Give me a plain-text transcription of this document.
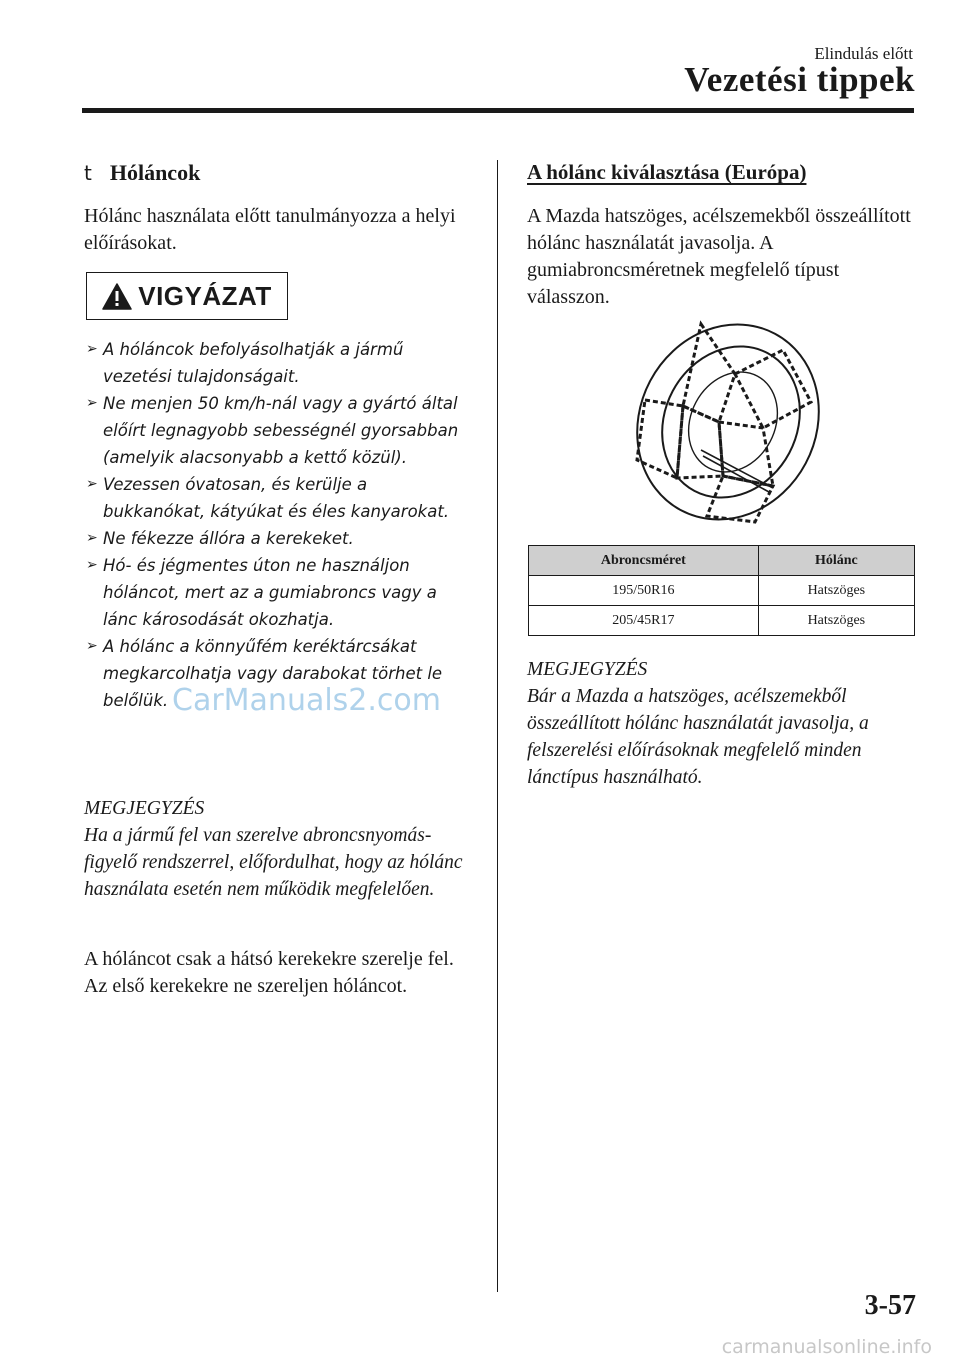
Elindulás előtt
Vezetési tippek
t Hóláncok
Hólánc használata előtt tanulmányozza a helyi előírásokat.
VIGYÁZAT
➢ A hóláncok befolyásolhatják a jármű vezetési tulajdonságait.
➢ Ne menjen 50 km/h-nál vagy a gyártó által előírt legnagyobb sebességnél gyorsabban (amelyik alacsonyabb a kettő közül).
➢ Vezessen óvatosan, és kerülje a bukkanókat, kátyúkat és éles kanyarokat.
➢ Ne fékezze állóra a kerekeket.
➢ Hó- és jégmentes úton ne használjon hóláncot, mert az a gumiabroncs vagy a lánc károsodását okozhatja.
➢ A hólánc a könnyűfém keréktárcsákat megkarcolhatja vagy darabokat törhet le belőlük.
MEGJEGYZÉS
Ha a jármű fel van szerelve abroncsnyomás-figyelő rendszerrel, előfordulhat, hogy az hólánc használata esetén nem működik megfelelően.
A hóláncot csak a hátsó kerekekre szerelje fel.
Az első kerekekre ne szereljen hóláncot.
A hólánc kiválasztása (Európa)
A Mazda hatszöges, acélszemekből összeállított hólánc használatát javasolja. A gumiabroncsméretnek megfelelő típust válasszon.
Abroncsméret	Hólánc
195/50R16	Hatszöges
205/45R17	Hatszöges
MEGJEGYZÉS
Bár a Mazda a hatszöges, acélszemekből összeállított hólánc használatát javasolja, a felszerelési előírásoknak megfelelő minden lánctípus használható.
3-57
CarManuals2.com
carmanualsonline.info
